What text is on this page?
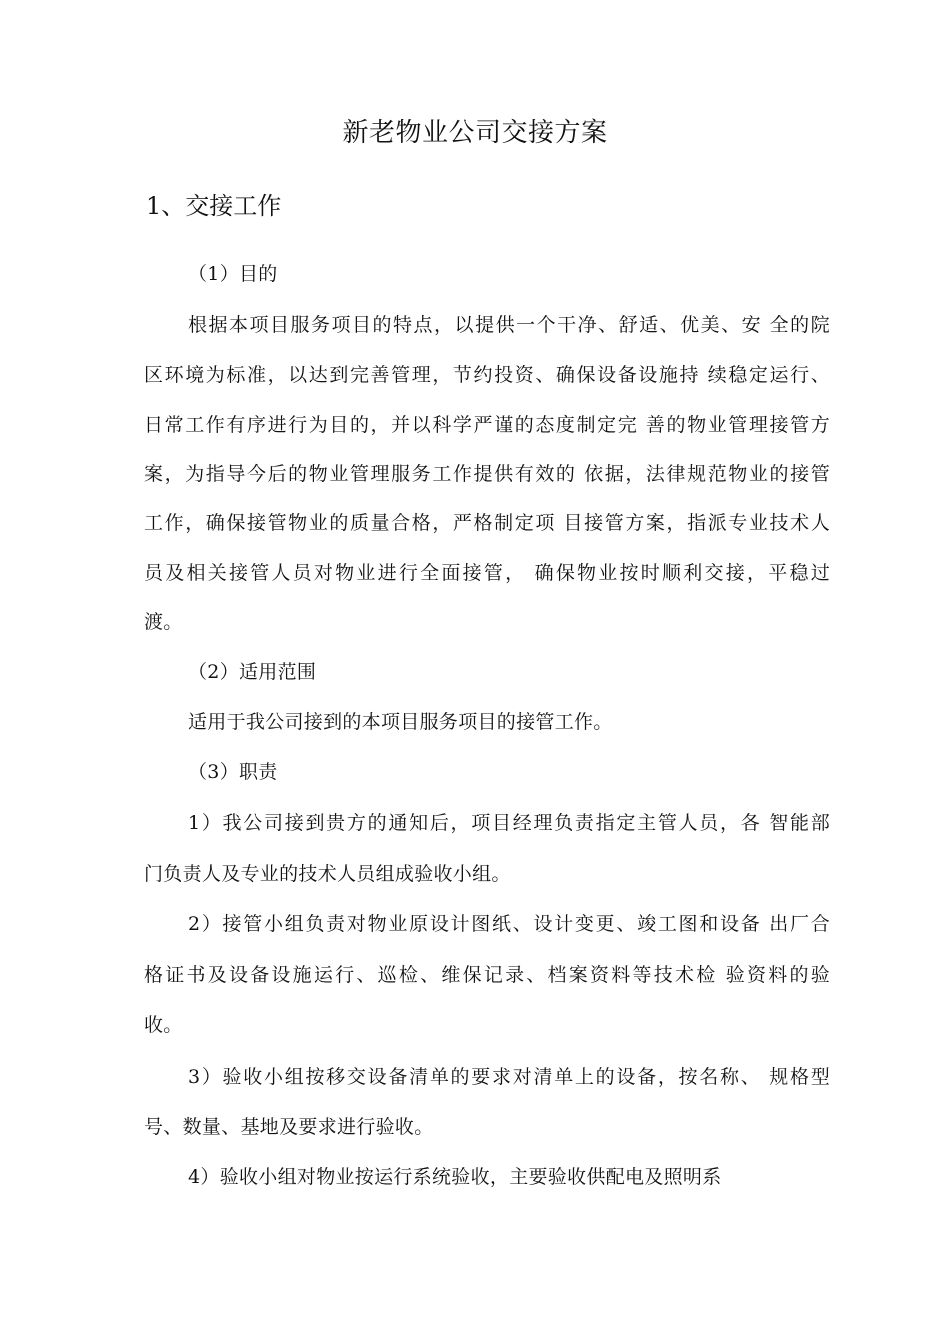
新老物业公司交接方案
1、交接工作
（1）目的
根据本项目服务项目的特点，以提供一个干净、舒适、优美、安 全的院
区环境为标准，以达到完善管理，节约投资、确保设备设施持 续稳定运行、
日常工作有序进行为目的，并以科学严谨的态度制定完 善的物业管理接管方
案，为指导今后的物业管理服务工作提供有效的 依据，法律规范物业的接管
工作，确保接管物业的质量合格，严格制定项 目接管方案，指派专业技术人
员及相关接管人员对物业进行全面接管， 确保物业按时顺利交接，平稳过
渡。
（2）适用范围
适用于我公司接到的本项目服务项目的接管工作。
（3）职责
1）我公司接到贵方的通知后，项目经理负责指定主管人员，各 智能部
门负责人及专业的技术人员组成验收小组。
2）接管小组负责对物业原设计图纸、设计变更、竣工图和设备 出厂合
格证书及设备设施运行、巡检、维保记录、档案资料等技术检 验资料的验
收。
3）验收小组按移交设备清单的要求对清单上的设备，按名称、 规格型
号、数量、基地及要求进行验收。
4）验收小组对物业按运行系统验收，主要验收供配电及照明系
